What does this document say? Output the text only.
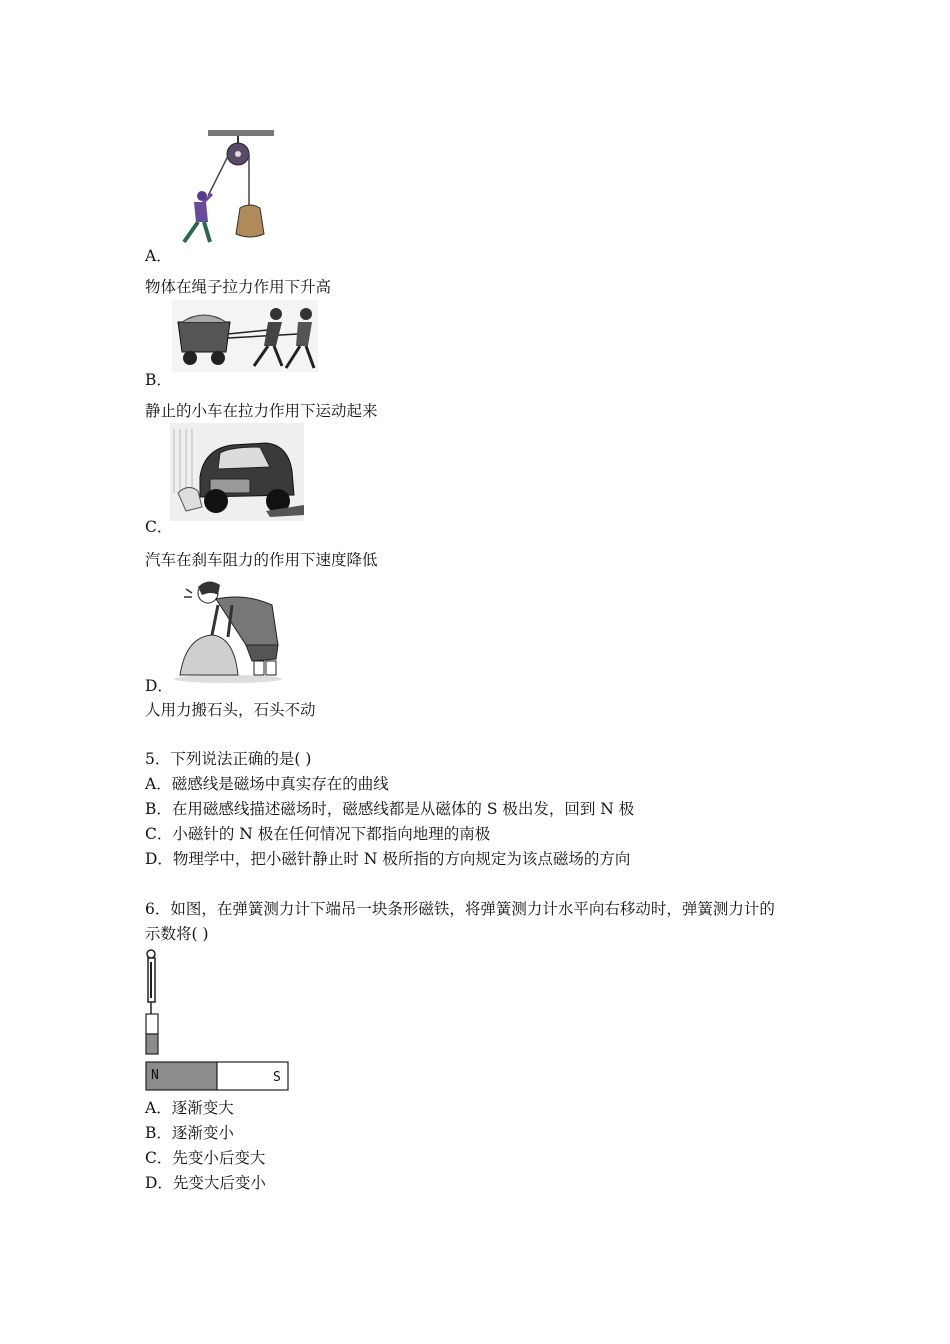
A．
物体在绳子拉力作用下升高
B．
静止的小车在拉力作用下运动起来
C．
汽车在刹车阻力的作用下速度降低
D．
人用力搬石头，石头不动
5．下列说法正确的是( )
A．磁感线是磁场中真实存在的曲线
B．在用磁感线描述磁场时，磁感线都是从磁体的 S 极出发，回到 N 极
C．小磁针的 N 极在任何情况下都指向地理的南极
D．物理学中，把小磁针静止时 N 极所指的方向规定为该点磁场的方向
6．如图，在弹簧测力计下端吊一块条形磁铁，将弹簧测力计水平向右移动时，弹簧测力计的
示数将( )
N	S
A．逐渐变大
B．逐渐变小
C．先变小后变大
D．先变大后变小
